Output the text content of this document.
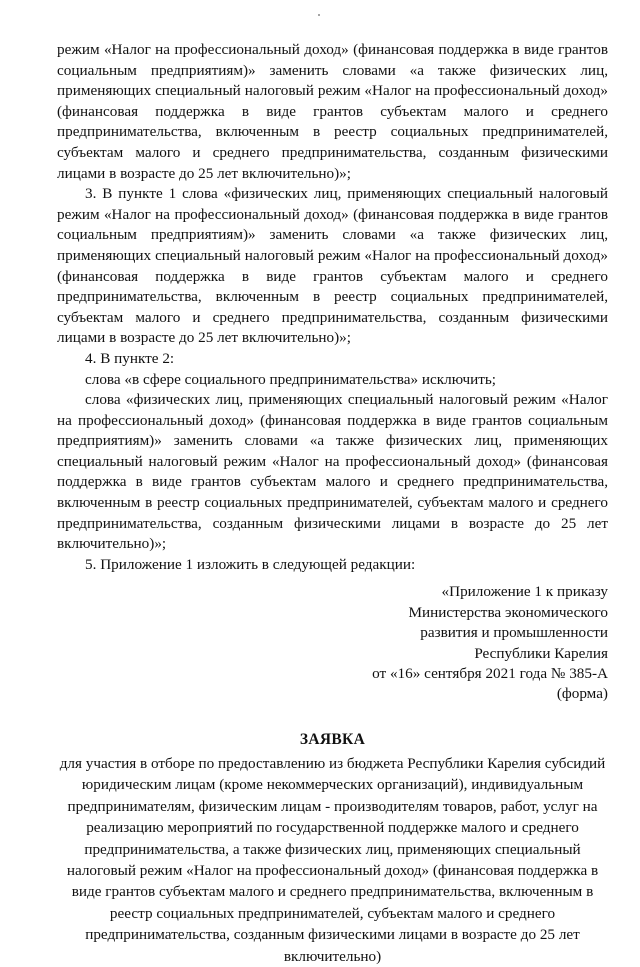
режим «Налог на профессиональный доход» (финансовая поддержка в виде грантов социальным предприятиям)» заменить словами «а также физических лиц, применяющих специальный налоговый режим «Налог на профессиональный доход» (финансовая поддержка в виде грантов субъектам малого и среднего предпринимательства, включенным в реестр социальных предпринимателей, субъектам малого и среднего предпринимательства, созданным физическими лицами в возрасте до 25 лет включительно)»;

3. В пункте 1 слова «физических лиц, применяющих специальный налоговый режим «Налог на профессиональный доход» (финансовая поддержка в виде грантов социальным предприятиям)» заменить словами «а также физических лиц, применяющих специальный налоговый режим «Налог на профессиональный доход» (финансовая поддержка в виде грантов субъектам малого и среднего предпринимательства, включенным в реестр социальных предпринимателей, субъектам малого и среднего предпринимательства, созданным физическими лицами в возрасте до 25 лет включительно)»;

4. В пункте 2:

слова «в сфере социального предпринимательства» исключить;

слова «физических лиц, применяющих специальный налоговый режим «Налог на профессиональный доход» (финансовая поддержка в виде грантов социальным предприятиям)» заменить словами «а также физических лиц, применяющих специальный налоговый режим «Налог на профессиональный доход» (финансовая поддержка в виде грантов субъектам малого и среднего предпринимательства, включенным в реестр социальных предпринимателей, субъектам малого и среднего предпринимательства, созданным физическими лицами в возрасте до 25 лет включительно)»;

5. Приложение 1 изложить в следующей редакции:

«Приложение 1 к приказу
Министерства экономического
развития и промышленности
Республики Карелия
от «16» сентября 2021 года № 385-А
(форма)
ЗАЯВКА
для участия в отборе по предоставлению из бюджета Республики Карелия субсидий юридическим лицам (кроме некоммерческих организаций), индивидуальным предпринимателям, физическим лицам - производителям товаров, работ, услуг на реализацию мероприятий по государственной поддержке малого и среднего предпринимательства, а также физических лиц, применяющих специальный налоговый режим «Налог на профессиональный доход» (финансовая поддержка в виде грантов субъектам малого и среднего предпринимательства, включенным в реестр социальных предпринимателей, субъектам малого и среднего предпринимательства, созданным физическими лицами в возрасте до 25 лет включительно)
